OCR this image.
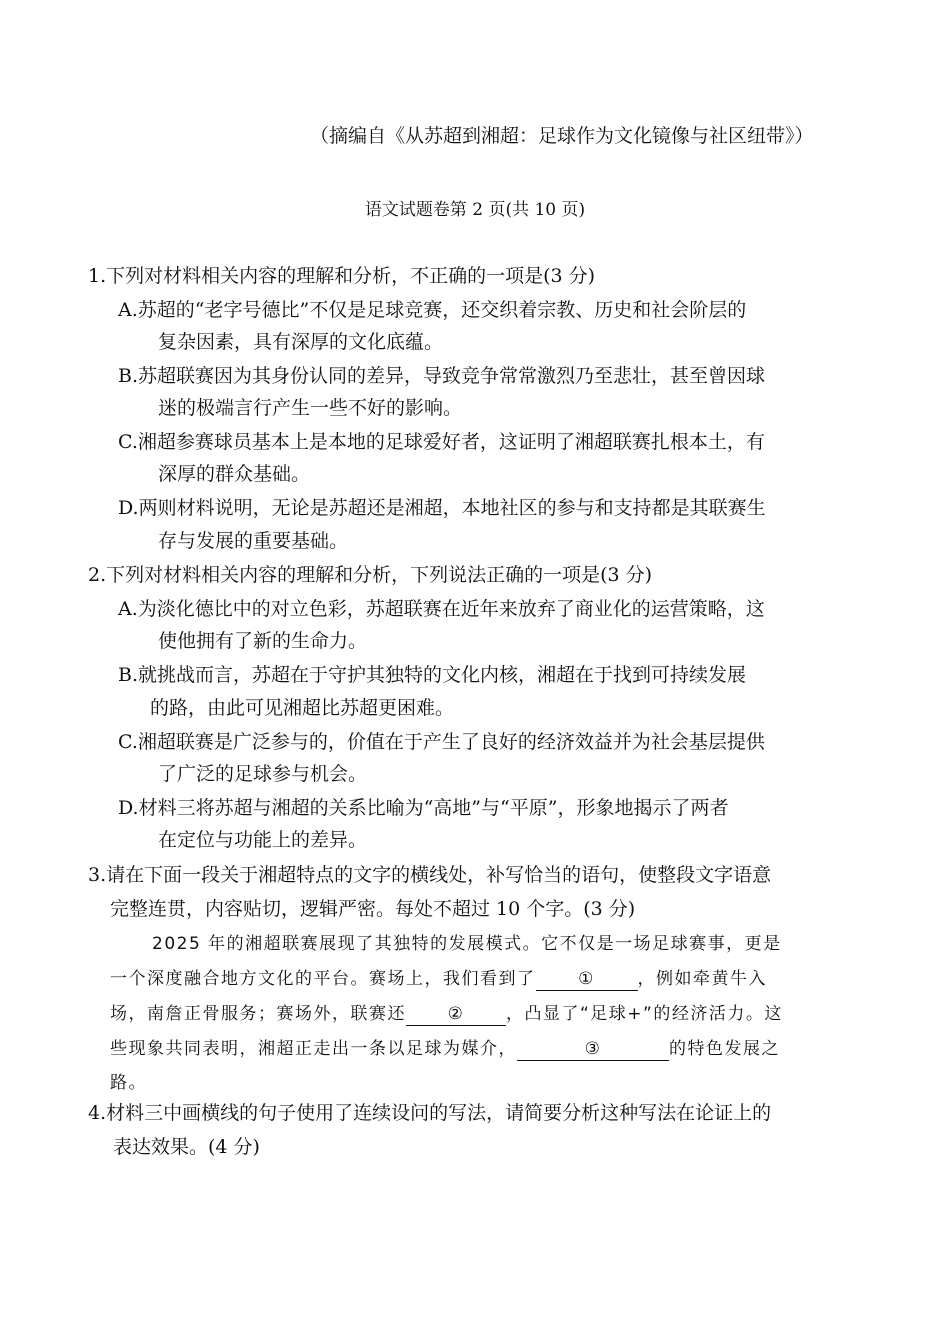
（摘编自《从苏超到湘超：足球作为文化镜像与社区纽带》）
语文试题卷第 2 页(共 10 页)
1.下列对材料相关内容的理解和分析，不正确的一项是(3 分)
A.苏超的“老字号德比”不仅是足球竞赛，还交织着宗教、历史和社会阶层的
复杂因素，具有深厚的文化底蕴。
B.苏超联赛因为其身份认同的差异，导致竞争常常激烈乃至悲壮，甚至曾因球
迷的极端言行产生一些不好的影响。
C.湘超参赛球员基本上是本地的足球爱好者，这证明了湘超联赛扎根本土，有
深厚的群众基础。
D.两则材料说明，无论是苏超还是湘超，本地社区的参与和支持都是其联赛生
存与发展的重要基础。
2.下列对材料相关内容的理解和分析，下列说法正确的一项是(3 分)
A.为淡化德比中的对立色彩，苏超联赛在近年来放弃了商业化的运营策略，这
使他拥有了新的生命力。
B.就挑战而言，苏超在于守护其独特的文化内核，湘超在于找到可持续发展
的路，由此可见湘超比苏超更困难。
C.湘超联赛是广泛参与的，价值在于产生了良好的经济效益并为社会基层提供
了广泛的足球参与机会。
D.材料三将苏超与湘超的关系比喻为“高地”与“平原”，形象地揭示了两者
在定位与功能上的差异。
3.请在下面一段关于湘超特点的文字的横线处，补写恰当的语句，使整段文字语意
完整连贯，内容贴切，逻辑严密。每处不超过 10 个字。(3 分)
2025 年的湘超联赛展现了其独特的发展模式。它不仅是一场足球赛事，更是
一个深度融合地方文化的平台。赛场上，我们看到了	①	，例如牵黄牛入
场，南詹正骨服务；赛场外，联赛还 ② ，凸显了“足球+”的经济活力。这
些现象共同表明，湘超正走出一条以足球为媒介，	③	的特色发展之
路。
4.材料三中画横线的句子使用了连续设问的写法，请简要分析这种写法在论证上的
表达效果。(4 分)
